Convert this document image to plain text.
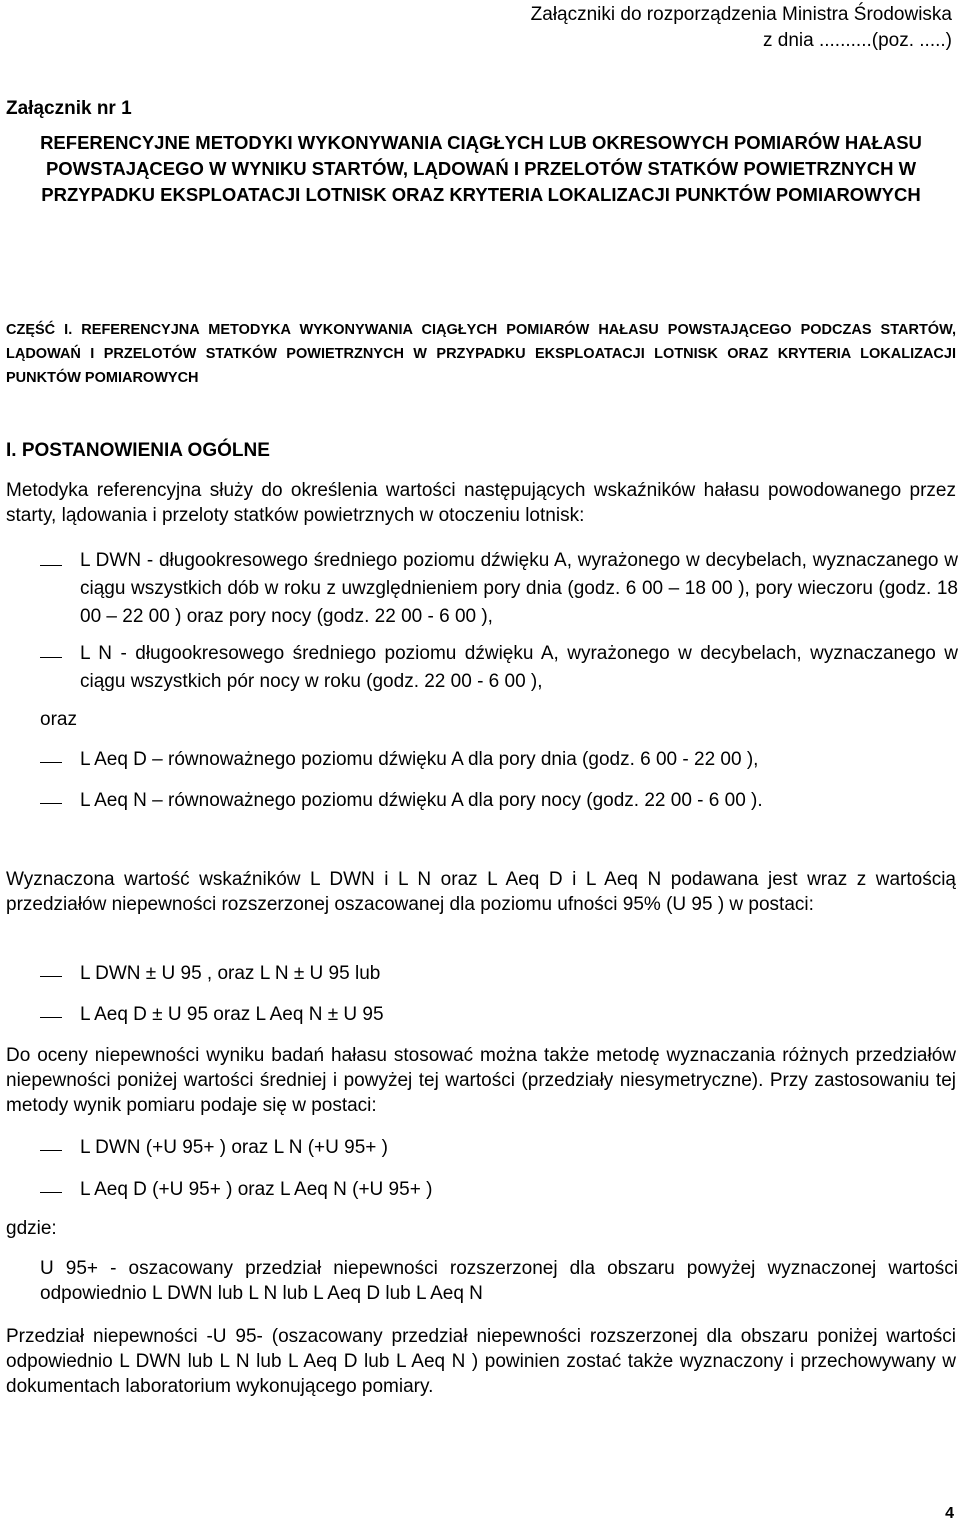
Załączniki do rozporządzenia Ministra Środowiska
z dnia ..........(poz. .....)
Załącznik nr 1
REFERENCYJNE METODYKI WYKONYWANIA CIĄGŁYCH LUB OKRESOWYCH POMIARÓW HAŁASU POWSTAJĄCEGO W WYNIKU STARTÓW, LĄDOWAŃ I PRZELOTÓW STATKÓW POWIETRZNYCH W PRZYPADKU EKSPLOATACJI LOTNISK ORAZ KRYTERIA LOKALIZACJI PUNKTÓW POMIAROWYCH
CZĘŚĆ I. REFERENCYJNA METODYKA WYKONYWANIA CIĄGŁYCH POMIARÓW HAŁASU POWSTAJĄCEGO PODCZAS STARTÓW, LĄDOWAŃ I PRZELOTÓW STATKÓW POWIETRZNYCH W PRZYPADKU EKSPLOATACJI LOTNISK ORAZ KRYTERIA LOKALIZACJI PUNKTÓW POMIAROWYCH
I. POSTANOWIENIA OGÓLNE
Metodyka referencyjna służy do określenia wartości następujących wskaźników hałasu powodowanego przez starty, lądowania i przeloty statków powietrznych w otoczeniu lotnisk:
L DWN - długookresowego średniego poziomu dźwięku A, wyrażonego w decybelach, wyznaczanego w ciągu wszystkich dób w roku z uwzględnieniem pory dnia (godz. 6 00 – 18 00 ), pory wieczoru (godz. 18 00 – 22 00 ) oraz pory nocy (godz. 22 00 - 6 00 ),
L N - długookresowego średniego poziomu dźwięku A, wyrażonego w decybelach, wyznaczanego w ciągu wszystkich pór nocy w roku (godz. 22 00 - 6 00 ),
oraz
L Aeq D – równoważnego poziomu dźwięku A dla pory dnia (godz. 6 00 - 22 00 ),
L Aeq N – równoważnego poziomu dźwięku A dla pory nocy (godz. 22 00 - 6 00 ).
Wyznaczona wartość wskaźników L DWN i L N oraz L Aeq D i L Aeq N podawana jest wraz z wartością przedziałów niepewności rozszerzonej oszacowanej dla poziomu ufności 95% (U 95 ) w postaci:
L DWN ± U 95 , oraz L N ± U 95 lub
L Aeq D ± U 95 oraz L Aeq N ± U 95
Do oceny niepewności wyniku badań hałasu stosować można także metodę wyznaczania różnych przedziałów niepewności poniżej wartości średniej i powyżej tej wartości (przedziały niesymetryczne). Przy zastosowaniu tej metody wynik pomiaru podaje się w postaci:
L DWN (+U 95+ ) oraz L N (+U 95+ )
L Aeq D (+U 95+ ) oraz L Aeq N (+U 95+ )
gdzie:
U 95+ - oszacowany przedział niepewności rozszerzonej dla obszaru powyżej wyznaczonej wartości odpowiednio L DWN lub L N lub L Aeq D lub L Aeq N
Przedział niepewności -U 95- (oszacowany przedział niepewności rozszerzonej dla obszaru poniżej wartości odpowiednio L DWN lub L N lub L Aeq D lub L Aeq N ) powinien zostać także wyznaczony i przechowywany w dokumentach laboratorium wykonującego pomiary.
4
